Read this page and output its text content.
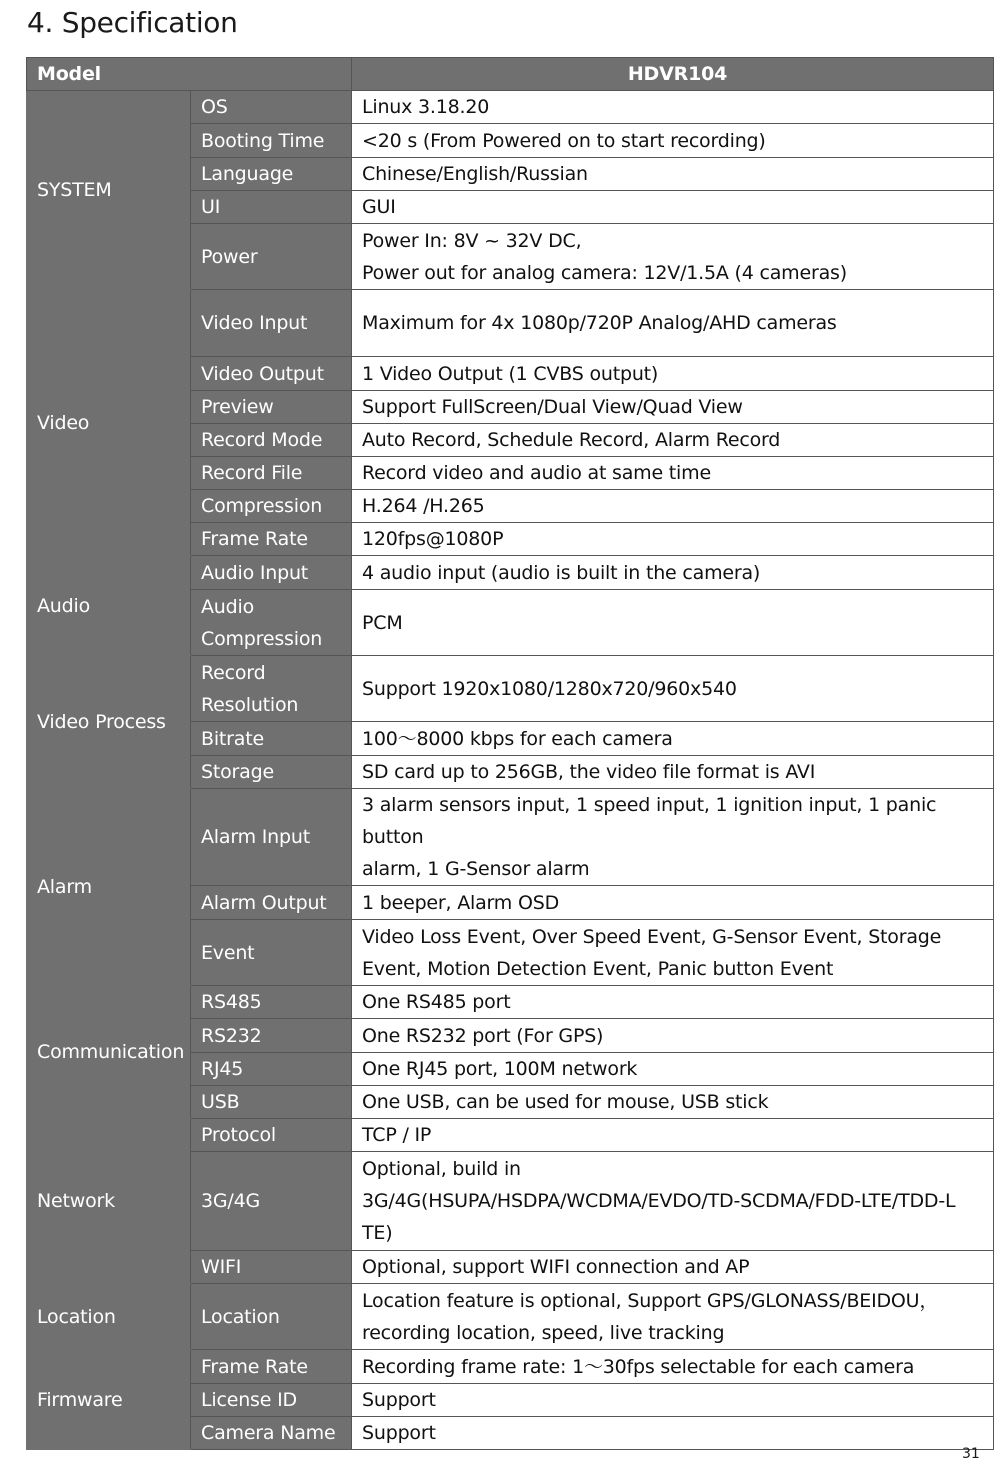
4. Specification
Model		HDVR104
SYSTEM	OS	Linux 3.18.20

	Booting Time	<20 s (From Powered on to start recording)

	Language	Chinese/English/Russian

	UI	GUI

	Power	Power In: 8V ~ 32V DC,
Power out for analog camera: 12V/1.5A (4 cameras)

Video	Video Input	Maximum for 4x 1080p/720P Analog/AHD cameras

	Video Output	1 Video Output (1 CVBS output)

	Preview	Support FullScreen/Dual View/Quad View

	Record Mode	Auto Record, Schedule Record, Alarm Record

	Record File	Record video and audio at same time

	Compression	H.264 /H.265

	Frame Rate	120fps@1080P

Audio	Audio Input	4 audio input (audio is built in the camera)

	Audio
Compression	PCM

Video Process	Record
Resolution	Support 1920x1080/1280x720/960x540

	Bitrate	100～8000 kbps for each camera

	Storage	SD card up to 256GB, the video file format is AVI

Alarm	Alarm Input	3 alarm sensors input, 1 speed input, 1 ignition input, 1 panic button
alarm, 1 G-Sensor alarm

	Alarm Output	1 beeper, Alarm OSD

	Event	Video Loss Event, Over Speed Event, G-Sensor Event, Storage
Event, Motion Detection Event, Panic button Event

Communication	RS485	One RS485 port

	RS232	One RS232 port (For GPS)

	RJ45	One RJ45 port, 100M network

	USB	One USB, can be used for mouse, USB stick

Network	Protocol	TCP / IP

	3G/4G	Optional, build in
3G/4G(HSUPA/HSDPA/WCDMA/EVDO/TD-SCDMA/FDD-LTE/TDD-L
TE)

	WIFI	Optional, support WIFI connection and AP

Location	Location	Location feature is optional, Support GPS/GLONASS/BEIDOU，
recording location, speed, live tracking

Firmware	Frame Rate	Recording frame rate: 1～30fps selectable for each camera

	License ID	Support

	Camera Name	Support
31
